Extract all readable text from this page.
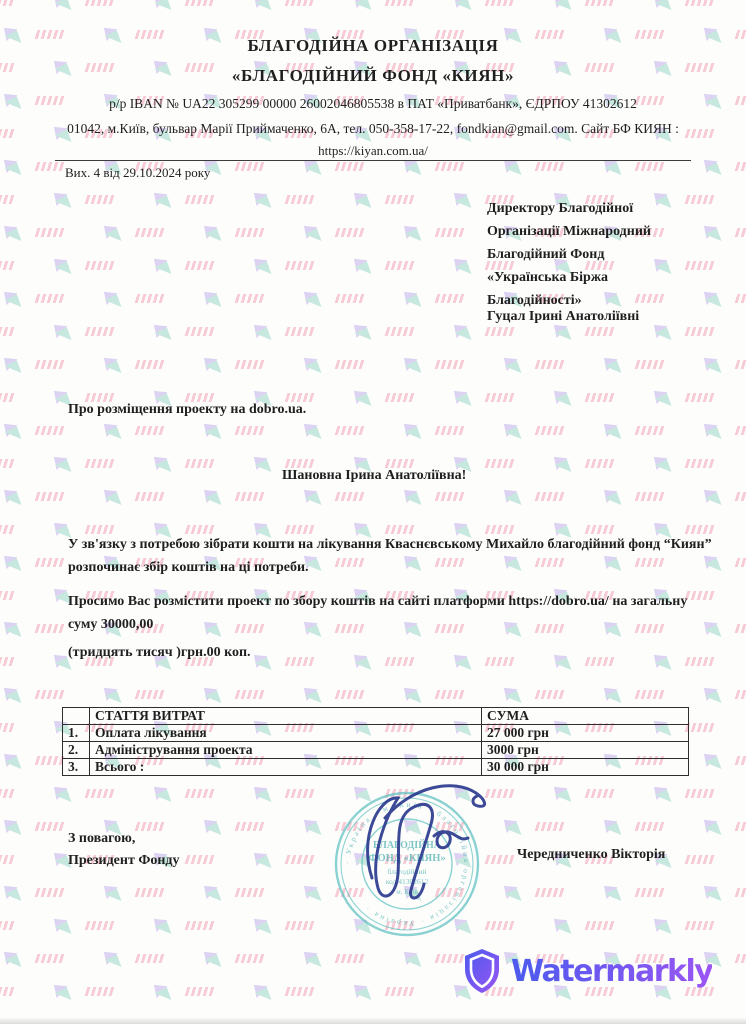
БЛАГОДІЙНА ОРГАНІЗАЦІЯ
«БЛАГОДІЙНИЙ ФОНД «КИЯН»
р/р IBAN № UA22 305299 00000 26002046805538 в ПАТ «Приватбанк», ЄДРПОУ 41302612
01042, м.Київ, бульвар Марії Приймаченко, 6А, тел. 050-358-17-22, fondkian@gmail.com. Сайт БФ КИЯН :
https://kiyan.com.ua/
Вих. 4 від 29.10.2024 року
Директору Благодійної
Організації Міжнародний
Благодійний Фонд
«Українська Біржа
Благодійності»
Гуцал Ірині Анатоліївні
Про розміщення проекту на dobro.ua.
Шановна Ірина Анатоліївна!
У зв'язку з потребою зібрати кошти на лікування Кваснєвському Михайло благодійний фонд “Киян” розпочинає збір коштів на ці потреби.
Просимо Вас розмістити проект по збору коштів на сайті платформи https://dobro.ua/ на загальну суму 30000,00
(тридцять тисяч )грн.00 коп.
	СТАТТЯ ВИТРАТ	СУМА
1.	Оплата лікування	27 000 грн
2.	Адміністрування проекта	3000 грн
3.	Всього :	30 000 грн
З повагою,
Президент Фонду	Чередниченко Вікторія
· Україна · м. Київ · благодійна організація · Україна ·
БЛАГОДІЙНА
ФОНД «КИЯН»
благодійний
код 41302612
м. Київ
Watermarkly
